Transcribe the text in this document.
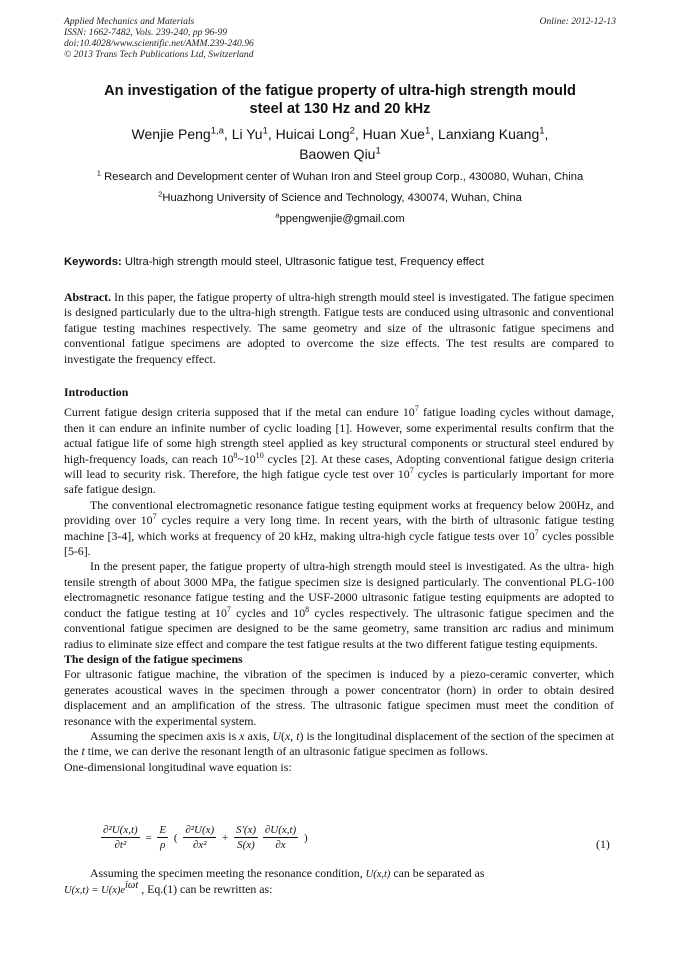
Applied Mechanics and Materials
ISSN: 1662-7482, Vols. 239-240, pp 96-99
doi:10.4028/www.scientific.net/AMM.239-240.96
© 2013 Trans Tech Publications Ltd, Switzerland
Online: 2012-12-13
An investigation of the fatigue property of ultra-high strength mould
steel at 130 Hz and 20 kHz
Wenjie Peng$^{1,a}$, Li Yu$^1$, Huicai Long$^2$, Huan Xue$^1$, Lanxiang Kuang$^1$,
Baowen Qiu$^1$
$^1$ Research and Development center of Wuhan Iron and Steel group Corp., 430080, Wuhan, China
$^2$Huazhong University of Science and Technology, 430074, Wuhan, China
$^a$ppengwenjie@gmail.com
Keywords: Ultra-high strength mould steel, Ultrasonic fatigue test, Frequency effect

Abstract. In this paper, the fatigue property of ultra-high strength mould steel is investigated. The fatigue specimen is designed particularly due to the ultra-high strength. Fatigue tests are conduced using ultrasonic and conventional fatigue testing machines respectively. The same geometry and size of the ultrasonic fatigue specimens and conventional fatigue specimens are adopted to overcome the size effects. The test results are compared to investigate the frequency effect.

Introduction

Current fatigue design criteria supposed that if the metal can endure $10^7$ fatigue loading cycles without damage, then it can endure an infinite number of cyclic loading [1]. However, some experimental results confirm that the actual fatigue life of some high strength steel applied as key structural components or structural steel endured by high-frequency loads, can reach $10^8\sim 10^{10}$ cycles [2]. At these cases, Adopting conventional fatigue design criteria will lead to security risk. Therefore, the high fatigue cycle test over $10^7$ cycles is particularly important for more safe fatigue design.

The conventional electromagnetic resonance fatigue testing equipment works at frequency below 200Hz, and providing over $10^7$ cycles require a very long time. In recent years, with the birth of ultrasonic fatigue testing machine [3-4], which works at frequency of 20 kHz, making ultra-high cycle fatigue tests over $10^7$ cycles possible [5-6].

In the present paper, the fatigue property of ultra-high strength mould steel is investigated. As the ultra- high tensile strength of about 3000 MPa, the fatigue specimen size is designed particularly. The conventional PLG-100 electromagnetic resonance fatigue testing and the USF-2000 ultrasonic fatigue testing equipments are adopted to conduct the fatigue testing at $10^7$ cycles and $10^8$ cycles respectively. The ultrasonic fatigue specimen and the conventional fatigue specimen are designed to be the same geometry, same transition arc radius and minimum radius to eliminate size effect and compare the test fatigue results at the two different fatigue testing equipments.

The design of the fatigue specimens

For ultrasonic fatigue machine, the vibration of the specimen is induced by a piezo-ceramic converter, which generates acoustical waves in the specimen through a power concentrator (horn) in order to obtain desired displacement and an amplification of the stress. The ultrasonic fatigue specimen must meet the condition of resonance with the experimental system.

Assuming the specimen axis is x axis, U(x, t) is the longitudinal displacement of the section of the specimen at the t time, we can derive the resonant length of an ultrasonic fatigue specimen as follows.

One-dimensional longitudinal wave equation is:

$\frac{\text{∂²U(x,t)}}{\text{∂t²}} = \frac{E}{\rho}$ ( $\frac{\text{∂²U(x)}}{\text{∂x²}} + \frac{S'(x)}{S(x)}$
$\frac{\partial U(x,t)}{\partial x}$ )	(1)

Assuming the specimen meeting the resonance condition, U(x,t) can be separated as

$U(x,t) = U(x)e^{i\omega t}$ , Eq.(1) can be rewritten as:
